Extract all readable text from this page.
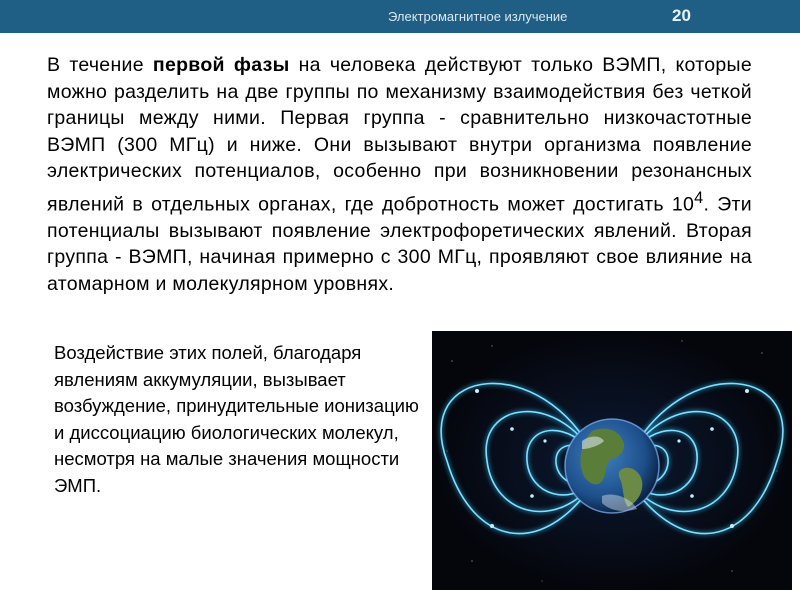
Электромагнитное излучение	20
В течение первой фазы на человека действуют только ВЭМП, которые можно разделить на две группы по механизму взаимодействия без четкой границы между ними. Первая группа - сравнительно низкочастотные ВЭМП (300 МГц) и ниже. Они вызывают внутри организма появление электрических потенциалов, особенно при возникновении резонансных явлений в отдельных органах, где добротность может достигать $10^4$. Эти потенциалы вызывают появление электрофоретических явлений. Вторая группа - ВЭМП, начиная примерно с 300 МГц, проявляют свое влияние на атомарном и молекулярном уровнях.
Воздействие этих полей, благодаря явлениям аккумуляции, вызывает возбуждение, принудительные ионизацию и диссоциацию биологических молекул, несмотря на малые значения мощности ЭМП.
